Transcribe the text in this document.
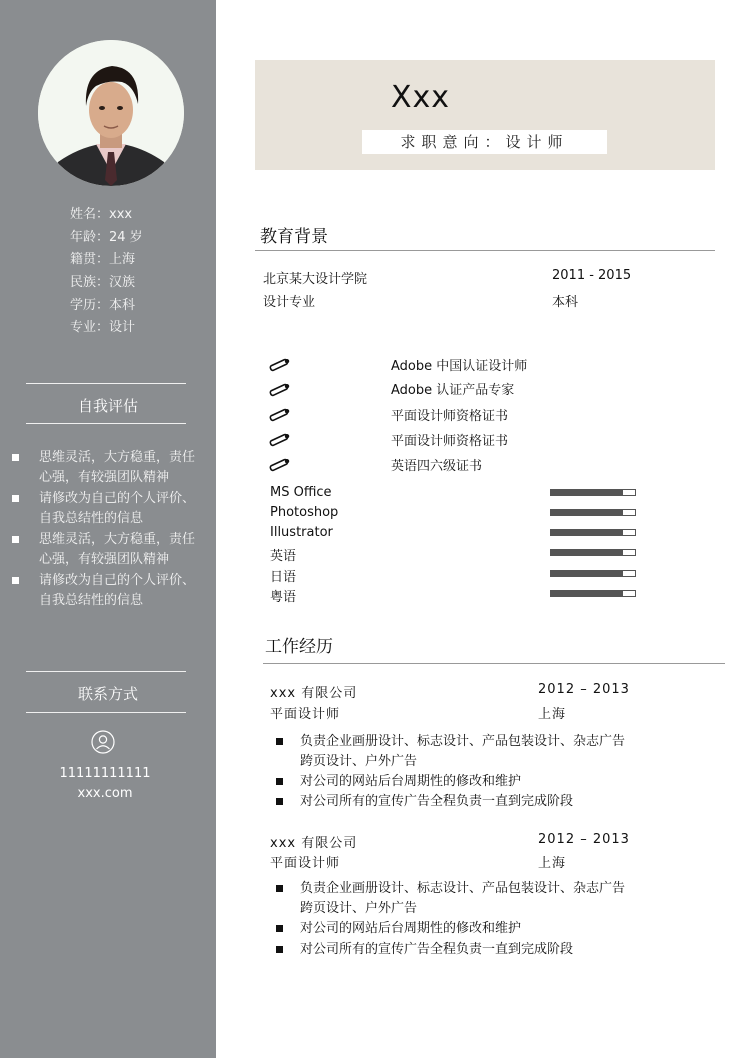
姓名：xxx
年龄：24 岁
籍贯：上海
民族：汉族
学历：本科
专业：设计
自我评估
思维灵活，大方稳重，责任心强，有较强团队精神
请修改为自己的个人评价、自我总结性的信息
思维灵活，大方稳重，责任心强，有较强团队精神
请修改为自己的个人评价、自我总结性的信息
联系方式
11111111111
xxx.com
Xxx
求职意向：设计师
教育背景
北京某大设计学院	2011 - 2015
设计专业	本科
Adobe 中国认证设计师
Adobe 认证产品专家
平面设计师资格证书
平面设计师资格证书
英语四六级证书
MS Office
Photoshop
Illustrator
英语
日语
粤语
工作经历
xxx 有限公司	2012 – 2013
平面设计师	上海
负责企业画册设计、标志设计、产品包装设计、杂志广告跨页设计、户外广告
对公司的网站后台周期性的修改和维护
对公司所有的宣传广告全程负责一直到完成阶段
xxx 有限公司	2012 – 2013
平面设计师	上海
负责企业画册设计、标志设计、产品包装设计、杂志广告跨页设计、户外广告
对公司的网站后台周期性的修改和维护
对公司所有的宣传广告全程负责一直到完成阶段
